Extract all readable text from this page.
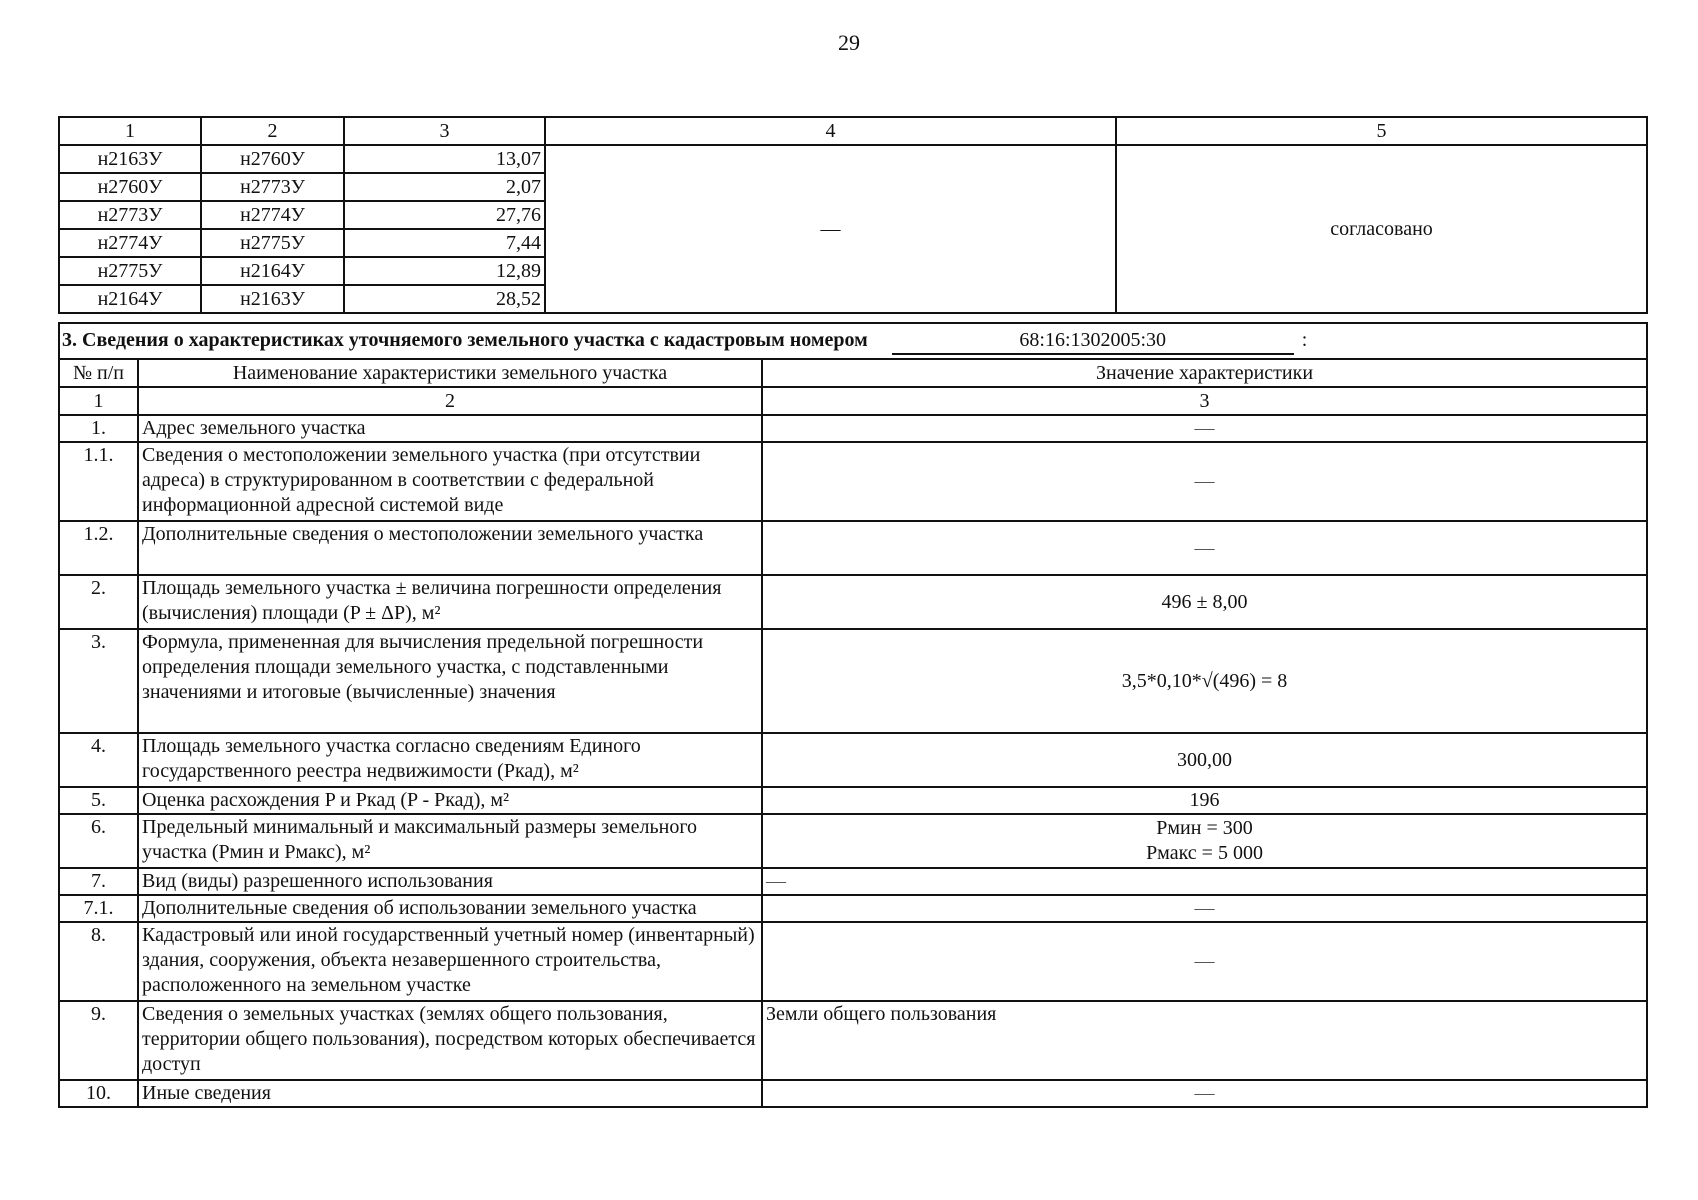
29
1	2	3	4	5
н2163У	н2760У	13,07	—	согласовано
н2760У	н2773У	2,07		
н2773У	н2774У	27,76		
н2774У	н2775У	7,44		
н2775У	н2164У	12,89		
н2164У	н2163У	28,52		
3. Сведения о характеристиках уточняемого земельного участка с кадастровым номером 68:16:1302005:30 :		
№ п/п	Наименование характеристики земельного участка	Значение характеристики
1	2	3
1.	Адрес земельного участка	—
1.1.	Сведения о местоположении земельного участка (при отсутствии адреса) в структурированном в соответствии с федеральной информационной адресной системой виде	—
1.2.	Дополнительные сведения о местоположении земельного участка	—
2.	Площадь земельного участка ± величина погрешности определения (вычисления) площади (P ± ΔP), м²	496 ± 8,00
3.	Формула, примененная для вычисления предельной погрешности определения площади земельного участка, с подставленными значениями и итоговые (вычисленные) значения	3,5*0,10*√(496) = 8
4.	Площадь земельного участка согласно сведениям Единого государственного реестра недвижимости (Pкад), м²	300,00
5.	Оценка расхождения P и Pкад (P - Pкад), м²	196
6.	Предельный минимальный и максимальный размеры земельного участка (Pмин и Pмакс), м²	Pмин = 300
Pмакс = 5 000

7.	Вид (виды) разрешенного использования	—
7.1.	Дополнительные сведения об использовании земельного участка	—
8.	Кадастровый или иной государственный учетный номер (инвентарный) здания, сооружения, объекта незавершенного строительства, расположенного на земельном участке	—
9.	Сведения о земельных участках (землях общего пользования, территории общего пользования), посредством которых обеспечивается доступ	Земли общего пользования
10.	Иные сведения	—
